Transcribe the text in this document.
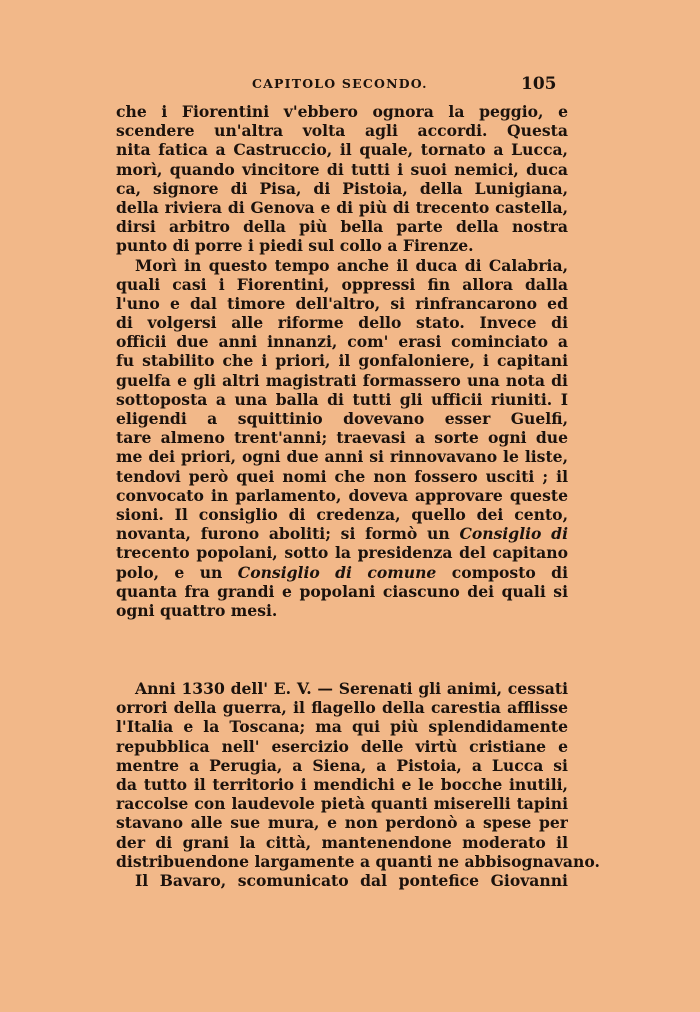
CAPITOLO SECONDO.	105
che i Fiorentini v'ebbero ognora la peggio, e
scendere un'altra volta agli accordi. Questa
nita fatica a Castruccio, il quale, tornato a Lucca,
morì, quando vincitore di tutti i suoi nemici, duca
ca, signore di Pisa, di Pistoia, della Lunigiana,
della riviera di Genova e di più di trecento castella,
dirsi arbitro della più bella parte della nostra
punto di porre i piedi sul collo a Firenze.
Morì in questo tempo anche il duca di Calabria,
quali casi i Fiorentini, oppressi fin allora dalla
l'uno e dal timore dell'altro, si rinfrancarono ed
di volgersi alle riforme dello stato. Invece di
officii due anni innanzi, com' erasi cominciato a
fu stabilito che i priori, il gonfaloniere, i capitani
guelfa e gli altri magistrati formassero una nota di
sottoposta a una balla di tutti gli ufficii riuniti. I
eligendi a squittinio dovevano esser Guelfi,
tare almeno trent'anni; traevasi a sorte ogni due
me dei priori, ogni due anni si rinnovavano le liste,
tendovi però quei nomi che non fossero usciti ; il
convocato in parlamento, doveva approvare queste
sioni. Il consiglio di credenza, quello dei cento,
novanta, furono aboliti; si formò un Consiglio di
trecento popolani, sotto la presidenza del capitano
polo, e un Consiglio di comune composto di
quanta fra grandi e popolani ciascuno dei quali si
ogni quattro mesi.
Anni 1330 dell' E. V. — Serenati gli animi, cessati
orrori della guerra, il flagello della carestia afflisse
l'Italia e la Toscana; ma qui più splendidamente
repubblica nell' esercizio delle virtù cristiane e
mentre a Perugia, a Siena, a Pistoia, a Lucca si
da tutto il territorio i mendichi e le bocche inutili,
raccolse con laudevole pietà quanti miserelli tapini
stavano alle sue mura, e non perdonò a spese per
der di grani la città, mantenendone moderato il
distribuendone largamente a quanti ne abbisognavano.
Il Bavaro, scomunicato dal pontefice Giovanni
